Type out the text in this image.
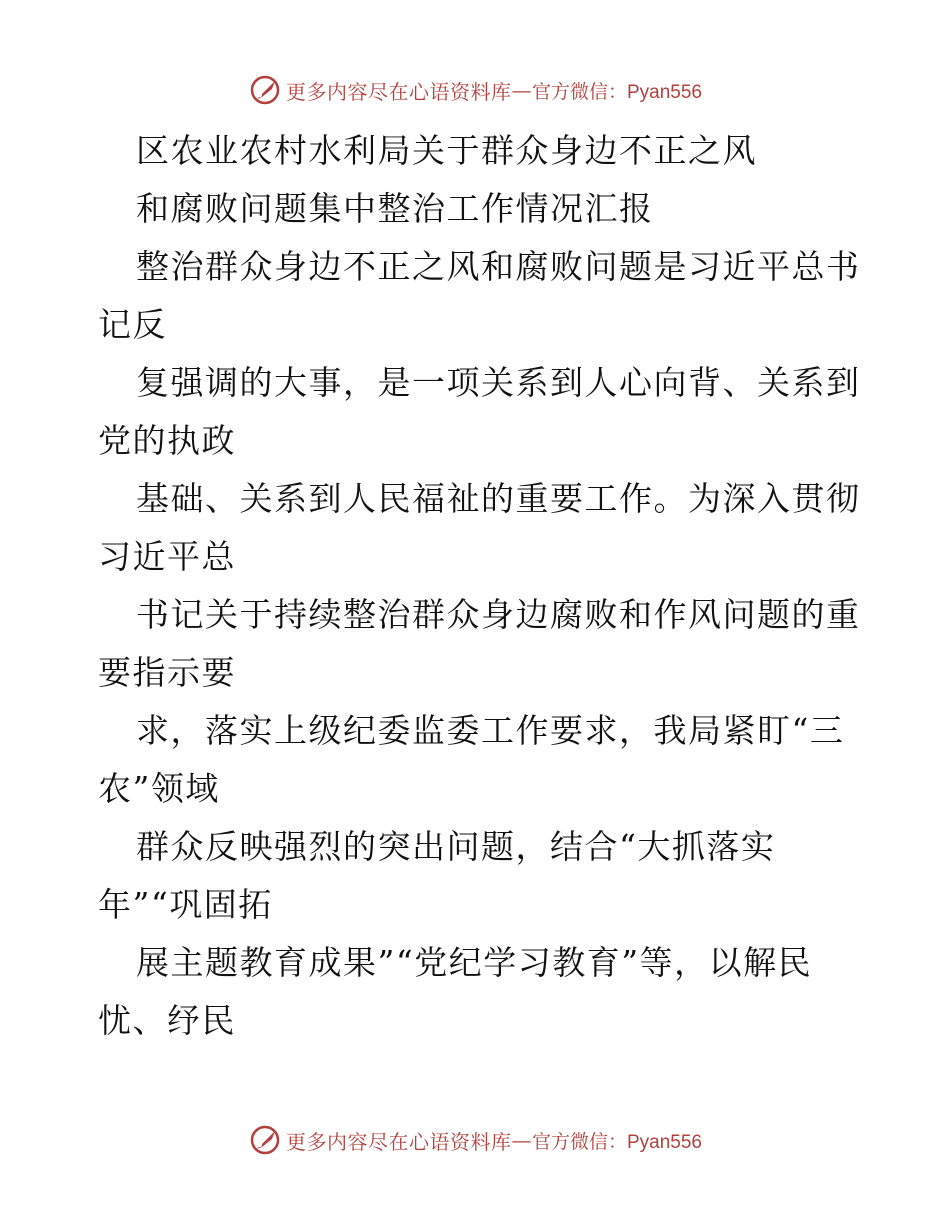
更多内容尽在心语资料库 — 官方微信：Pyan556
区农业农村水利局关于群众身边不正之风
和腐败问题集中整治工作情况汇报
整治群众身边不正之风和腐败问题是习近平总书
记反
复强调的大事，是一项关系到人心向背、关系到
党的执政
基础、关系到人民福祉的重要工作。为深入贯彻
习近平总
书记关于持续整治群众身边腐败和作风问题的重
要指示要
求，落实上级纪委监委工作要求，我局紧盯“三
农”领域
群众反映强烈的突出问题，结合“大抓落实
年”“巩固拓
展主题教育成果”“党纪学习教育”等，以解民
忧、纾民
更多内容尽在心语资料库 — 官方微信：Pyan556
